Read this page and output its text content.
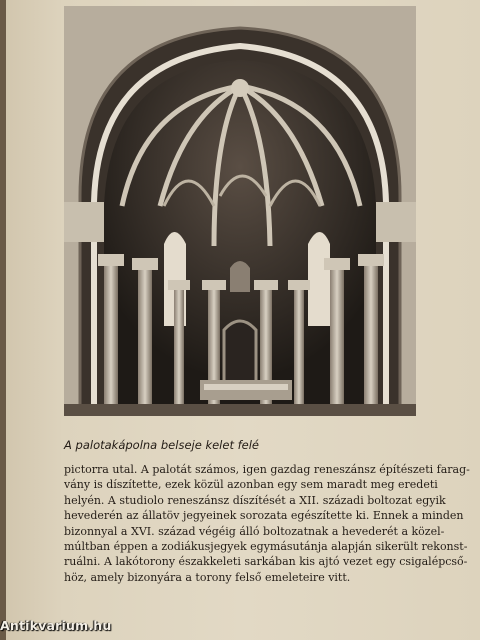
A palotakápolna belseje kelet felé

pictorra utal. A palotát számos, igen gazdag reneszánsz építészeti farag-
vány is díszítette, ezek közül azonban egy sem maradt meg eredeti
helyén. A studiolo reneszánsz díszítését a XII. századi boltozat egyik
hevederén az állatöv jegyeinek sorozata egészítette ki. Ennek a minden
bizonnyal a XVI. század végéig álló boltozatnak a hevederét a közel-
múltban éppen a zodiákusjegyek egymásutánja alapján sikerült rekonst-
ruálni. A lakótorony északkeleti sarkában kis ajtó vezet egy csigalépcső-
höz, amely bizonyára a torony felső emeleteire vitt.

Antikvarium.hu
